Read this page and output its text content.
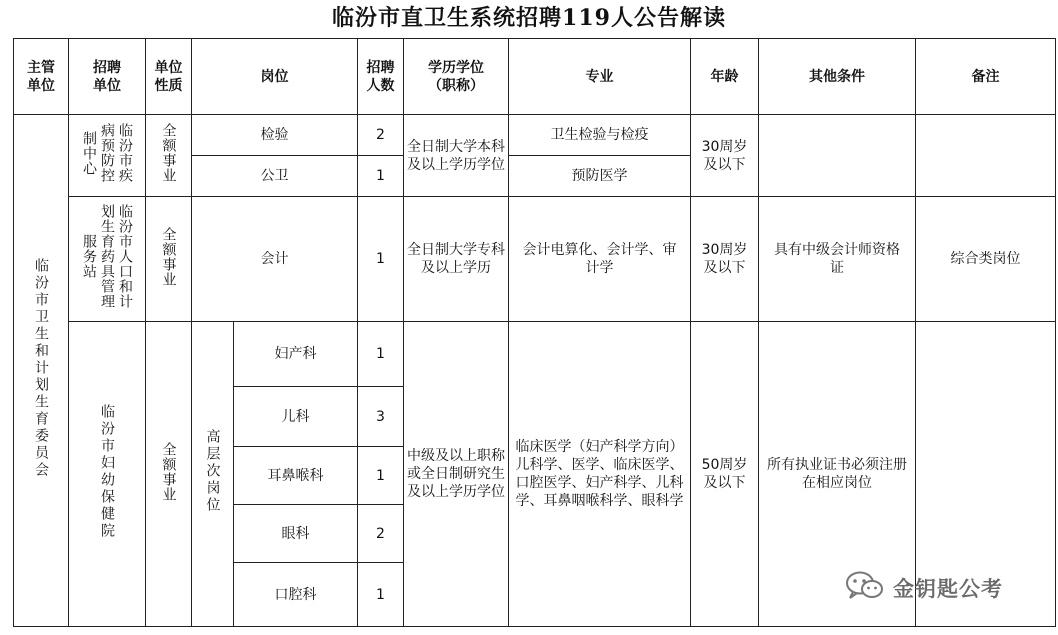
临汾市直卫生系统招聘119人公告解读
主管单位	招聘单位	单位性质	岗位		招聘人数	学历学位（职称）	专业	年龄	其他条件	备注
临汾市卫生和计划生育委员会	临汾市疾病预防控制中心	全额事业	检验		2	全日制大学本科及以上学历学位	卫生检验与检疫	30周岁及以下		
			公卫		1		预防医学			
	临汾市人口和计划生育药具管理服务站	全额事业	会计		1	全日制大学专科及以上学历	会计电算化、会计学、审计学	30周岁及以下	具有中级会计师资格证	综合类岗位
	临汾市妇幼保健院	全额事业	高层次岗位	妇产科	1	中级及以上职称或全日制研究生及以上学历学位	临床医学（妇产科学方向）儿科学、医学、临床医学、口腔医学、妇产科学、儿科学、耳鼻咽喉科学、眼科学	50周岁及以下	所有执业证书必须注册在相应岗位	
				儿科	3					
				耳鼻喉科	1					
				眼科	2					
				口腔科	1						金钥匙公考
